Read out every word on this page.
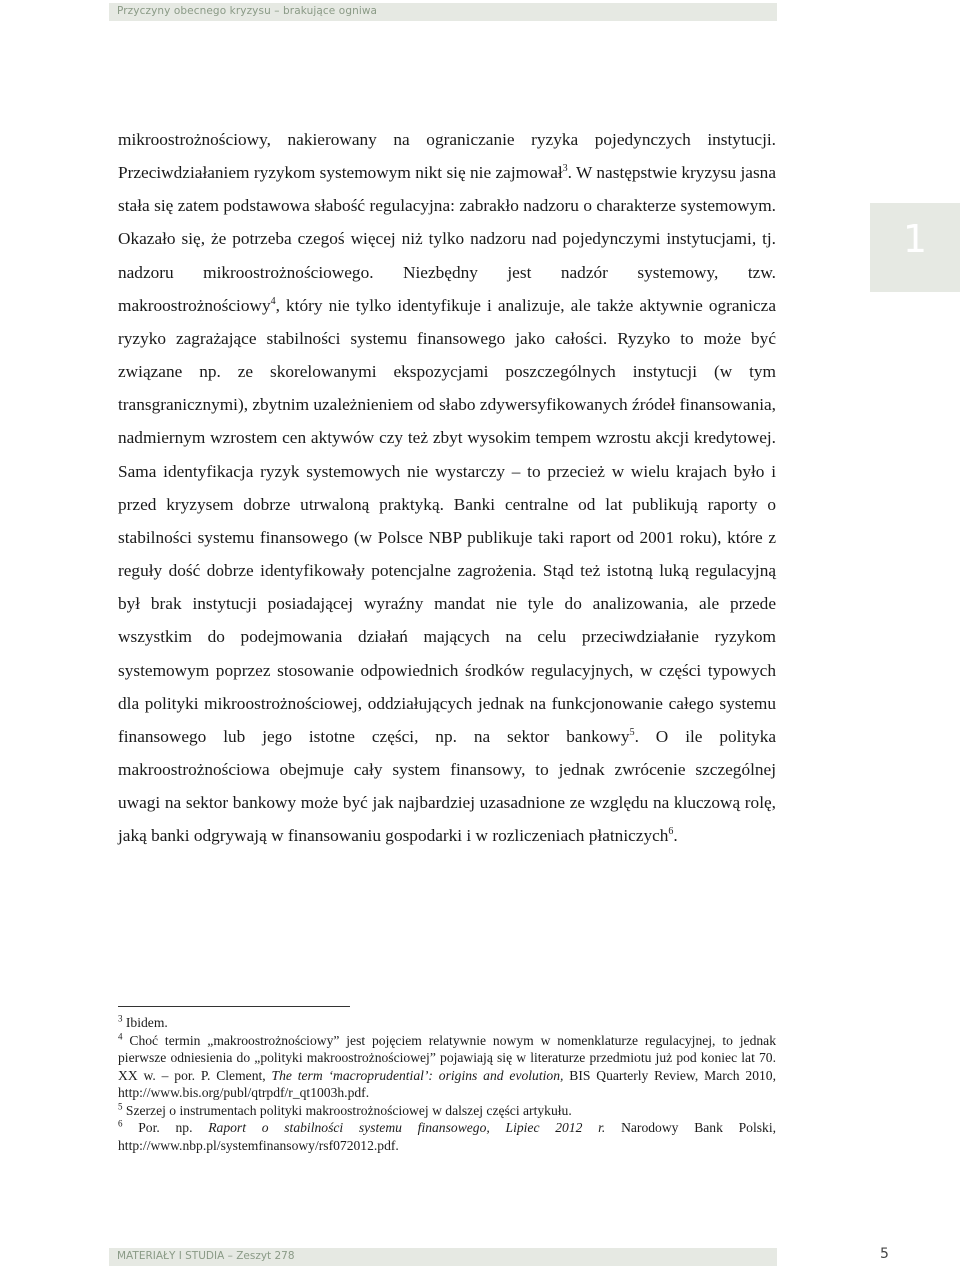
Przyczyny obecnego kryzysu – brakujące ogniwa
1

mikroostrożnościowy, nakierowany na ograniczanie ryzyka pojedynczych instytucji. Przeciwdziałaniem ryzykom systemowym nikt się nie zajmował$^3$. W następstwie kryzysu jasna stała się zatem podstawowa słabość regulacyjna: zabrakło nadzoru o charakterze systemowym. Okazało się, że potrzeba czegoś więcej niż tylko nadzoru nad pojedynczymi instytucjami, tj. nadzoru mikroostrożnościowego. Niezbędny jest nadzór systemowy, tzw. makroostrożnościowy$^4$, który nie tylko identyfikuje i analizuje, ale także aktywnie ogranicza ryzyko zagrażające stabilności systemu finansowego jako całości. Ryzyko to może być związane np. ze skorelowanymi ekspozycjami poszczególnych instytucji (w tym transgranicznymi), zbytnim uzależnieniem od słabo zdywersyfikowanych źródeł finansowania, nadmiernym wzrostem cen aktywów czy też zbyt wysokim tempem wzrostu akcji kredytowej. Sama identyfikacja ryzyk systemowych nie wystarczy – to przecież w wielu krajach było i przed kryzysem dobrze utrwaloną praktyką. Banki centralne od lat publikują raporty o stabilności systemu finansowego (w Polsce NBP publikuje taki raport od 2001 roku), które z reguły dość dobrze identyfikowały potencjalne zagrożenia. Stąd też istotną luką regulacyjną był brak instytucji posiadającej wyraźny mandat nie tyle do analizowania, ale przede wszystkim do podejmowania działań mających na celu przeciwdziałanie ryzykom systemowym poprzez stosowanie odpowiednich środków regulacyjnych, w części typowych dla polityki mikroostrożnościowej, oddziałujących jednak na funkcjonowanie całego systemu finansowego lub jego istotne części, np. na sektor bankowy$^5$. O ile polityka makroostrożnościowa obejmuje cały system finansowy, to jednak zwrócenie szczególnej uwagi na sektor bankowy może być jak najbardziej uzasadnione ze względu na kluczową rolę, jaką banki odgrywają w finansowaniu gospodarki i w rozliczeniach płatniczych$^6$.

$^3$ Ibidem.

$^4$ Choć termin „makroostrożnościowy” jest pojęciem relatywnie nowym w nomenklaturze regulacyjnej, to jednak pierwsze odniesienia do „polityki makroostrożnościowej” pojawiają się w literaturze przedmiotu już pod koniec lat 70. XX w. – por. P. Clement, The term ‘macroprudential’: origins and evolution, BIS Quarterly Review, March 2010, http://www.bis.org/publ/qtrpdf/r_qt1003h.pdf.

$^5$ Szerzej o instrumentach polityki makroostrożnościowej w dalszej części artykułu.

$^6$ Por. np. Raport o stabilności systemu finansowego, Lipiec 2012 r. Narodowy Bank Polski, http://www.nbp.pl/systemfinansowy/rsf072012.pdf.

MATERIAŁY I STUDIA – Zeszyt 278	5
